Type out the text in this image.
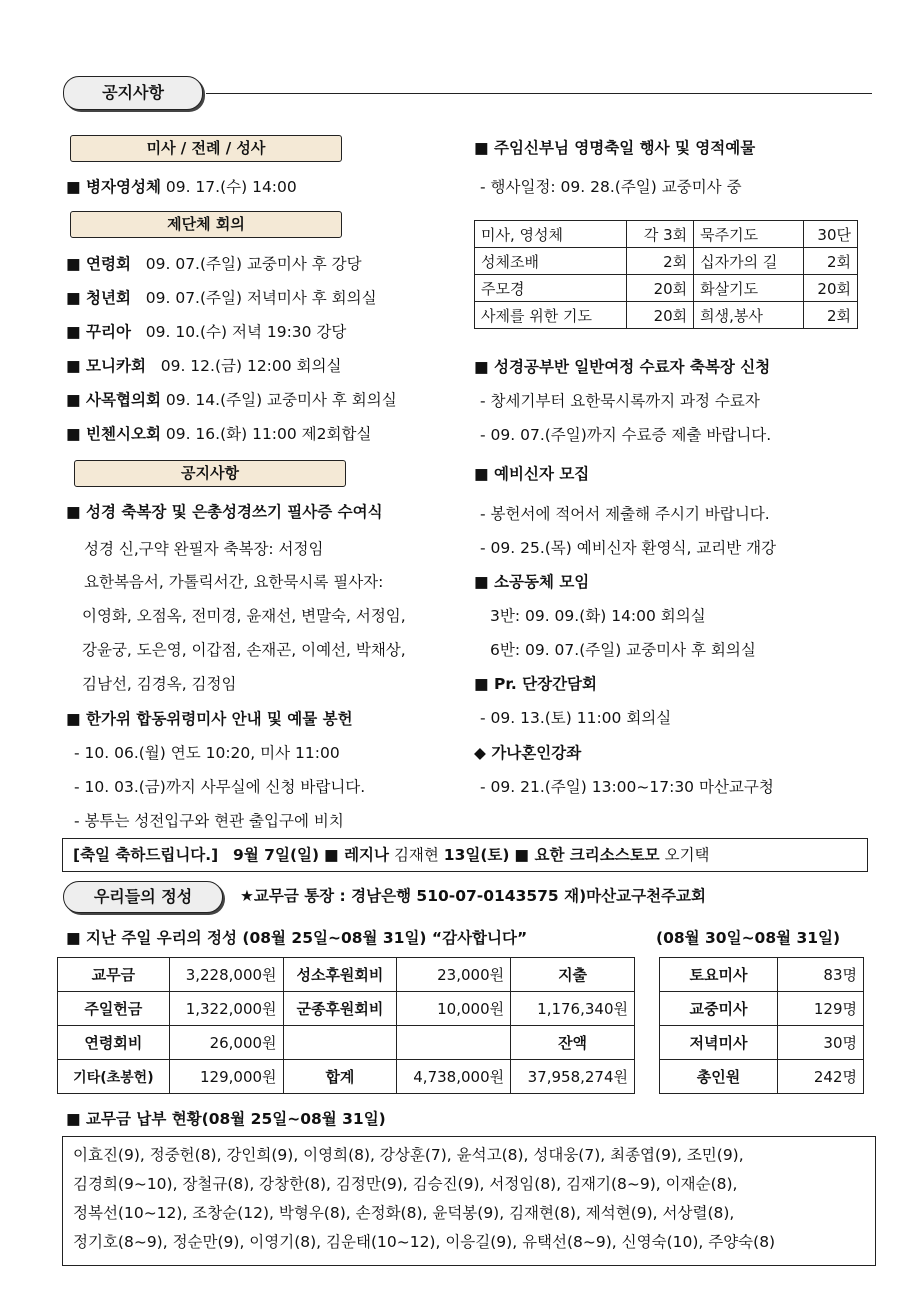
공지사항
미사 / 전례 / 성사
■ 병자영성체 09. 17.(수) 14:00
제단체 회의
■ 연령회 09. 07.(주일) 교중미사 후 강당
■ 청년회 09. 07.(주일) 저녁미사 후 회의실
■ 꾸리아 09. 10.(수) 저녁 19:30 강당
■ 모니카회 09. 12.(금) 12:00 회의실
■ 사목협의회 09. 14.(주일) 교중미사 후 회의실
■ 빈첸시오회 09. 16.(화) 11:00 제2회합실
공지사항
■ 성경 축복장 및 은총성경쓰기 필사증 수여식
성경 신,구약 완필자 축복장: 서정임
요한복음서, 가톨릭서간, 요한묵시록 필사자:
이영화, 오점옥, 전미경, 윤재선, 변말숙, 서정임,
강윤궁, 도은영, 이갑점, 손재곤, 이예선, 박채상,
김남선, 김경옥, 김정임
■ 한가위 합동위령미사 안내 및 예물 봉헌
- 10. 06.(월) 연도 10:20, 미사 11:00
- 10. 03.(금)까지 사무실에 신청 바랍니다.
- 봉투는 성전입구와 현관 출입구에 비치
■ 주임신부님 영명축일 행사 및 영적예물
- 행사일정: 09. 28.(주일) 교중미사 중
미사, 영성체	각 3회	묵주기도	30단
성체조배	2회	십자가의 길	2회
주모경	20회	화살기도	20회
사제를 위한 기도	20회	희생,봉사	2회
■ 성경공부반 일반여정 수료자 축복장 신청
- 창세기부터 요한묵시록까지 과정 수료자
- 09. 07.(주일)까지 수료증 제출 바랍니다.
■ 예비신자 모집
- 봉헌서에 적어서 제출해 주시기 바랍니다.
- 09. 25.(목) 예비신자 환영식, 교리반 개강
■ 소공동체 모임
3반: 09. 09.(화) 14:00 회의실
6반: 09. 07.(주일) 교중미사 후 회의실
■ Pr. 단장간담회
- 09. 13.(토) 11:00 회의실
◆ 가나혼인강좌
- 09. 21.(주일) 13:00~17:30 마산교구청
[축일 축하드립니다.] 9월 7일(일) ■ 레지나 김재현 13일(토) ■ 요한 크리소스토모 오기택
우리들의 정성	★교무금 통장 : 경남은행 510-07-0143575 재)마산교구천주교회
■ 지난 주일 우리의 정성 (08월 25일~08월 31일) “감사합니다”	(08월 30일~08월 31일)
교무금	3,228,000원	성소후원회비	23,000원	지출
주일헌금	1,322,000원	군종후원회비	10,000원	1,176,340원
연령회비	26,000원			잔액
기타(초봉헌)	129,000원	합계	4,738,000원	37,958,274원
토요미사	83명
교중미사	129명
저녁미사	30명
총인원	242명
■ 교무금 납부 현황(08월 25일~08월 31일)
이효진(9), 정중헌(8), 강인희(9), 이영희(8), 강상훈(7), 윤석고(8), 성대웅(7), 최종엽(9), 조민(9),
김경희(9~10), 장철규(8), 강창한(8), 김정만(9), 김승진(9), 서정임(8), 김재기(8~9), 이재순(8),
정복선(10~12), 조창순(12), 박형우(8), 손정화(8), 윤덕봉(9), 김재현(8), 제석현(9), 서상렬(8),
정기호(8~9), 정순만(9), 이영기(8), 김운태(10~12), 이응길(9), 유택선(8~9), 신영숙(10), 주양숙(8)
